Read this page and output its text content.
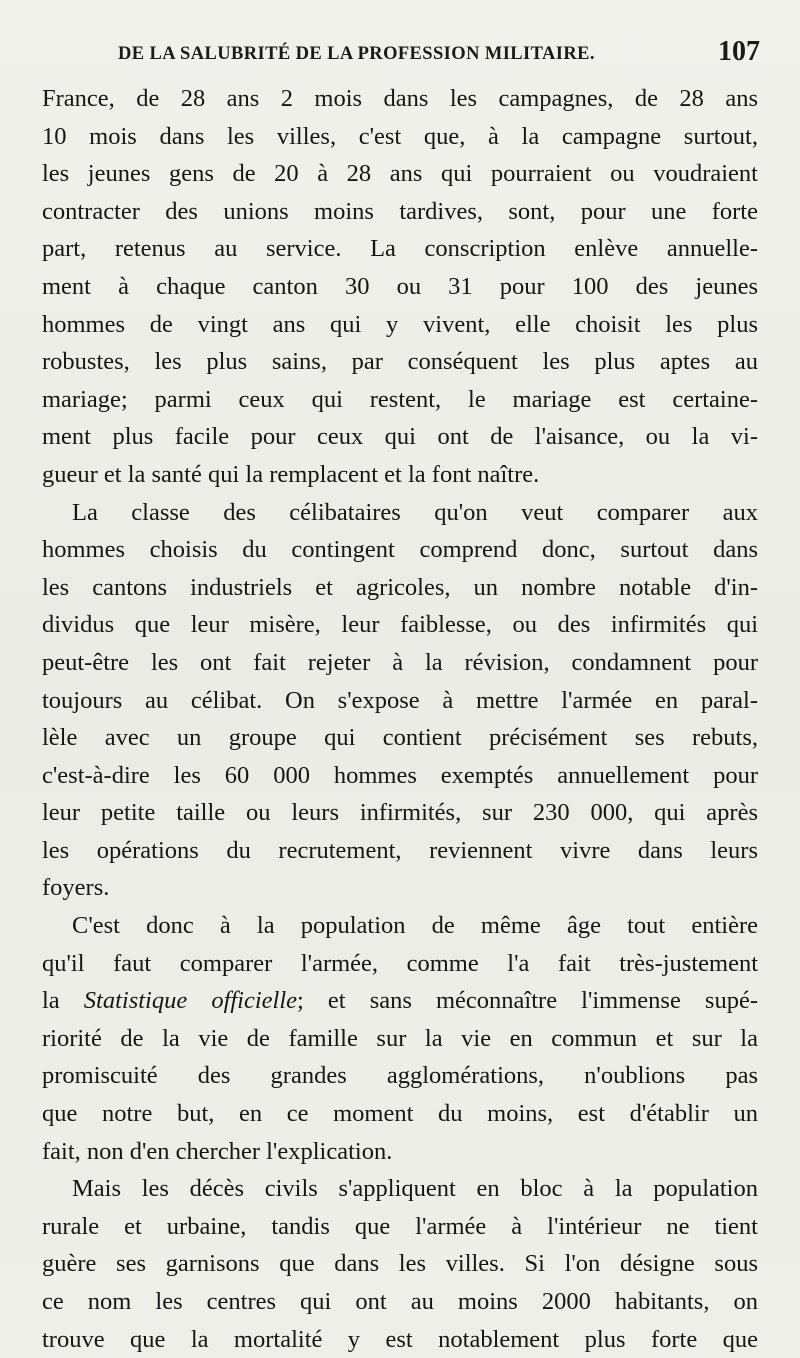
DE LA SALUBRITÉ DE LA PROFESSION MILITAIRE.	107

France, de 28 ans 2 mois dans les campagnes, de 28 ans
10 mois dans les villes, c'est que, à la campagne surtout,
les jeunes gens de 20 à 28 ans qui pourraient ou voudraient
contracter des unions moins tardives, sont, pour une forte
part, retenus au service. La conscription enlève annuelle-
ment à chaque canton 30 ou 31 pour 100 des jeunes
hommes de vingt ans qui y vivent, elle choisit les plus
robustes, les plus sains, par conséquent les plus aptes au
mariage; parmi ceux qui restent, le mariage est certaine-
ment plus facile pour ceux qui ont de l'aisance, ou la vi-
gueur et la santé qui la remplacent et la font naître.

La classe des célibataires qu'on veut comparer aux
hommes choisis du contingent comprend donc, surtout dans
les cantons industriels et agricoles, un nombre notable d'in-
dividus que leur misère, leur faiblesse, ou des infirmités qui
peut-être les ont fait rejeter à la révision, condamnent pour
toujours au célibat. On s'expose à mettre l'armée en paral-
lèle avec un groupe qui contient précisément ses rebuts,
c'est-à-dire les 60 000 hommes exemptés annuellement pour
leur petite taille ou leurs infirmités, sur 230 000, qui après
les opérations du recrutement, reviennent vivre dans leurs
foyers.

C'est donc à la population de même âge tout entière
qu'il faut comparer l'armée, comme l'a fait très-justement
la Statistique officielle; et sans méconnaître l'immense supé-
riorité de la vie de famille sur la vie en commun et sur la
promiscuité des grandes agglomérations, n'oublions pas
que notre but, en ce moment du moins, est d'établir un
fait, non d'en chercher l'explication.

Mais les décès civils s'appliquent en bloc à la population
rurale et urbaine, tandis que l'armée à l'intérieur ne tient
guère ses garnisons que dans les villes. Si l'on désigne sous
ce nom les centres qui ont au moins 2000 habitants, on
trouve que la mortalité y est notablement plus forte que
